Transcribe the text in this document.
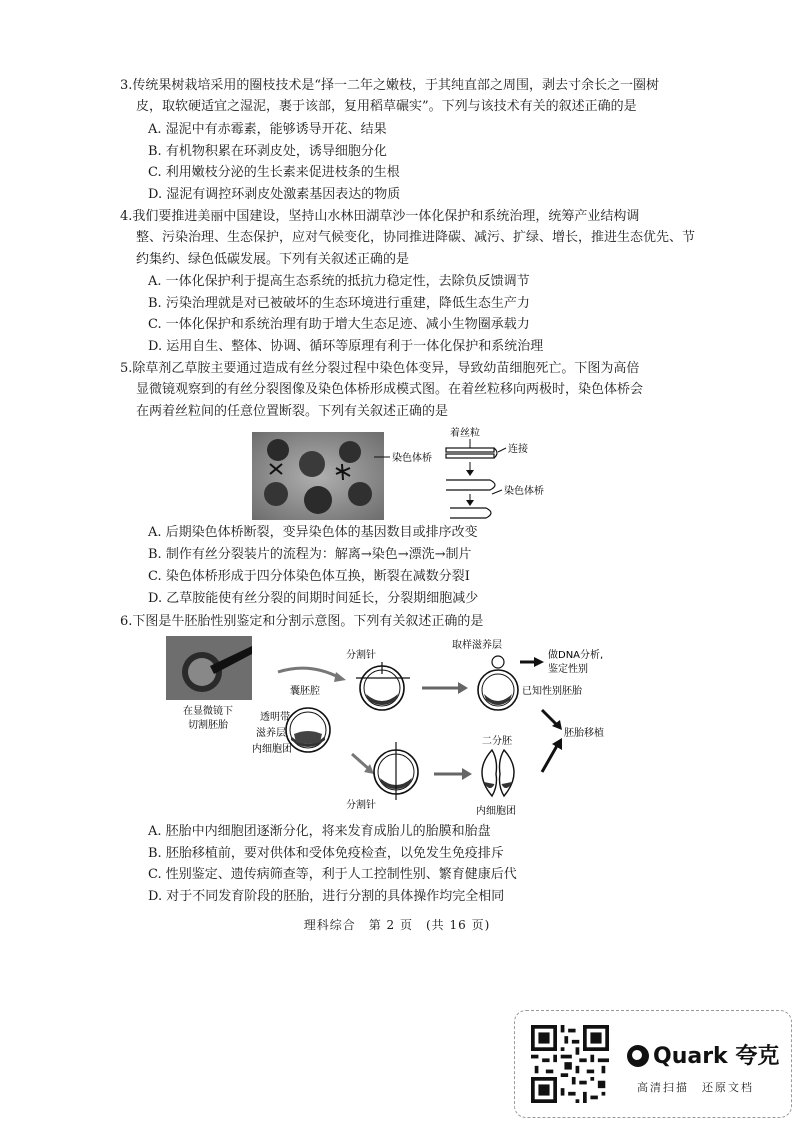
3.传统果树栽培采用的圈枝技术是“择一二年之嫩枝，于其纯直部之周围，剥去寸余长之一圈树
皮，取软硬适宜之湿泥，裹于该部，复用稻草碾实”。下列与该技术有关的叙述正确的是
A. 湿泥中有赤霉素，能够诱导开花、结果
B. 有机物积累在环剥皮处，诱导细胞分化
C. 利用嫩枝分泌的生长素来促进枝条的生根
D. 湿泥有调控环剥皮处激素基因表达的物质
4.我们要推进美丽中国建设，坚持山水林田湖草沙一体化保护和系统治理，统筹产业结构调
整、污染治理、生态保护，应对气候变化，协同推进降碳、减污、扩绿、增长，推进生态优先、节
约集约、绿色低碳发展。下列有关叙述正确的是
A. 一体化保护利于提高生态系统的抵抗力稳定性，去除负反馈调节
B. 污染治理就是对已被破坏的生态环境进行重建，降低生态生产力
C. 一体化保护和系统治理有助于增大生态足迹、减小生物圈承载力
D. 运用自生、整体、协调、循环等原理有利于一体化保护和系统治理
5.除草剂乙草胺主要通过造成有丝分裂过程中染色体变异，导致幼苗细胞死亡。下图为高倍
显微镜观察到的有丝分裂图像及染色体桥形成模式图。在着丝粒移向两极时，染色体桥会
在两着丝粒间的任意位置断裂。下列有关叙述正确的是
染色体桥
着丝粒
连接
染色体桥
A. 后期染色体桥断裂，变异染色体的基因数目或排序改变
B. 制作有丝分裂装片的流程为：解离→染色→漂洗→制片
C. 染色体桥形成于四分体染色体互换，断裂在减数分裂Ⅰ
D. 乙草胺能使有丝分裂的间期时间延长，分裂期细胞减少
6.下图是牛胚胎性别鉴定和分割示意图。下列有关叙述正确的是
在显微镜下
切割胚胎
囊胚腔
透明带
滋养层
内细胞团
分割针
取样滋养层
已知性别胚胎
做DNA分析,
鉴定性别
胚胎移植
分割针
二分胚
内细胞团
A. 胚胎中内细胞团逐渐分化，将来发育成胎儿的胎膜和胎盘
B. 胚胎移植前，要对供体和受体免疫检查，以免发生免疫排斥
C. 性别鉴定、遗传病筛查等，利于人工控制性别、繁育健康后代
D. 对于不同发育阶段的胚胎，进行分割的具体操作均完全相同
理科综合　第 2 页　(共 16 页)
Quark 夸克
高清扫描　还原文档
